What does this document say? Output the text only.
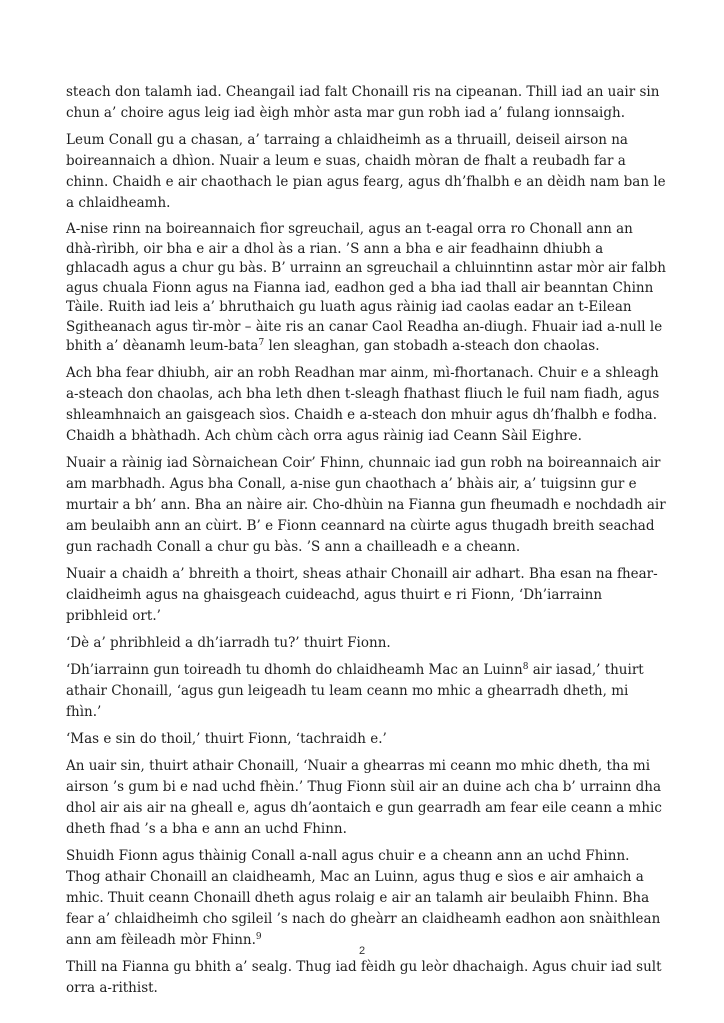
steach don talamh iad. Cheangail iad falt Chonaill ris na cipeanan. Thill iad an uair sin chun a’ choire agus leig iad èigh mhòr asta mar gun robh iad a’ fulang ionnsaigh.

Leum Conall gu a chasan, a’ tarraing a chlaidheimh as a thruaill, deiseil airson na boireannaich a dhìon. Nuair a leum e suas, chaidh mòran de fhalt a reubadh far a chinn. Chaidh e air chaothach le pian agus fearg, agus dh’fhalbh e an dèidh nam ban le a chlaidheamh.

A-nise rinn na boireannaich fìor sgreuchail, agus an t-eagal orra ro Chonall ann an dhà-rìribh, oir bha e air a dhol às a rian. ’S ann a bha e air feadhainn dhiubh a ghlacadh agus a chur gu bàs. B’ urrainn an sgreuchail a chluinntinn astar mòr air falbh agus chuala Fionn agus na Fianna iad, eadhon ged a bha iad thall air beanntan Chinn Tàile. Ruith iad leis a’ bhruthaich gu luath agus ràinig iad caolas eadar an t-Eilean Sgitheanach agus tìr-mòr – àite ris an canar Caol Readha an-diugh. Fhuair iad a-null le bhith a’ dèanamh leum-bata$^7$ len sleaghan, gan stobadh a-steach don chaolas.

Ach bha fear dhiubh, air an robh Readhan mar ainm, mì-fhortanach. Chuir e a shleagh a-steach don chaolas, ach bha leth dhen t-sleagh fhathast fliuch le fuil nam fiadh, agus shleamhnaich an gaisgeach sìos. Chaidh e a-steach don mhuir agus dh’fhalbh e fodha. Chaidh a bhàthadh. Ach chùm càch orra agus ràinig iad Ceann Sàil Eighre.

Nuair a ràinig iad Sòrnaichean Coir’ Fhinn, chunnaic iad gun robh na boireannaich air am marbhadh. Agus bha Conall, a-nise gun chaothach a’ bhàis air, a’ tuigsinn gur e murtair a bh’ ann. Bha an nàire air. Cho-dhùin na Fianna gun fheumadh e nochdadh air am beulaibh ann an cùirt. B’ e Fionn ceannard na cùirte agus thugadh breith seachad gun rachadh Conall a chur gu bàs. ’S ann a chailleadh e a cheann.

Nuair a chaidh a’ bhreith a thoirt, sheas athair Chonaill air adhart. Bha esan na fhear-claidheimh agus na ghaisgeach cuideachd, agus thuirt e ri Fionn, ‘Dh’iarrainn pribhleid ort.’

‘Dè a’ phribhleid a dh’iarradh tu?’ thuirt Fionn.

‘Dh’iarrainn gun toireadh tu dhomh do chlaidheamh Mac an Luinn$^8$ air iasad,’ thuirt athair Chonaill, ‘agus gun leigeadh tu leam ceann mo mhic a ghearradh dheth, mi fhìn.’

‘Mas e sin do thoil,’ thuirt Fionn, ‘tachraidh e.’

An uair sin, thuirt athair Chonaill, ‘Nuair a ghearras mi ceann mo mhic dheth, tha mi airson ’s gum bi e nad uchd fhèin.’ Thug Fionn sùil air an duine ach cha b’ urrainn dha dhol air ais air na gheall e, agus dh’aontaich e gun gearradh am fear eile ceann a mhic dheth fhad ’s a bha e ann an uchd Fhinn.

Shuidh Fionn agus thàinig Conall a-nall agus chuir e a cheann ann an uchd Fhinn. Thog athair Chonaill an claidheamh, Mac an Luinn, agus thug e sìos e air amhaich a mhic. Thuit ceann Chonaill dheth agus rolaig e air an talamh air beulaibh Fhinn. Bha fear a’ chlaidheimh cho sgileil ’s nach do gheàrr an claidheamh eadhon aon snàithlean ann am fèileadh mòr Fhinn.$^9$

Thill na Fianna gu bhith a’ sealg. Thug iad fèidh gu leòr dhachaigh. Agus chuir iad sult orra a-rithist.

2
